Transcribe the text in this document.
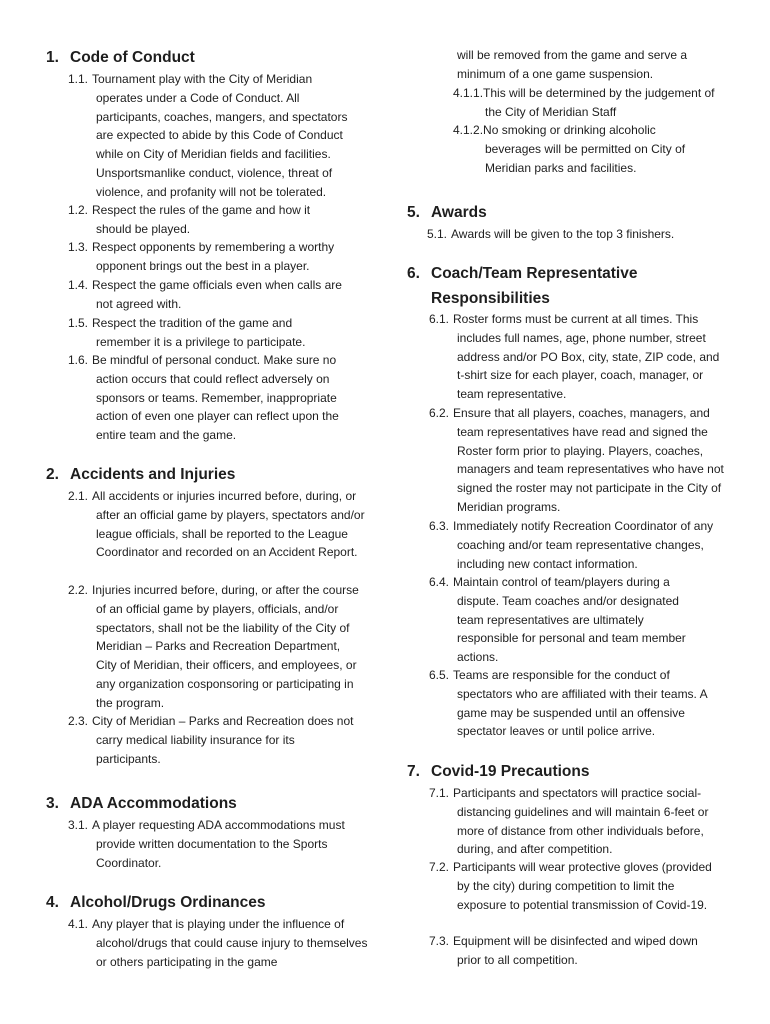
1. Code of Conduct

1.1. Tournament play with the City of Meridian operates under a Code of Conduct. All participants, coaches, mangers, and spectators are expected to abide by this Code of Conduct while on City of Meridian fields and facilities. Unsportsmanlike conduct, violence, threat of violence, and profanity will not be tolerated.

1.2. Respect the rules of the game and how it should be played.

1.3. Respect opponents by remembering a worthy opponent brings out the best in a player.

1.4. Respect the game officials even when calls are not agreed with.

1.5. Respect the tradition of the game and remember it is a privilege to participate.

1.6. Be mindful of personal conduct. Make sure no action occurs that could reflect adversely on sponsors or teams. Remember, inappropriate action of even one player can reflect upon the entire team and the game.

2. Accidents and Injuries

2.1. All accidents or injuries incurred before, during, or after an official game by players, spectators and/or league officials, shall be reported to the League Coordinator and recorded on an Accident Report.

2.2. Injuries incurred before, during, or after the course of an official game by players, officials, and/or spectators, shall not be the liability of the City of Meridian – Parks and Recreation Department, City of Meridian, their officers, and employees, or any organization cosponsoring or participating in the program.

2.3. City of Meridian – Parks and Recreation does not carry medical liability insurance for its participants.

3. ADA Accommodations

3.1. A player requesting ADA accommodations must provide written documentation to the Sports Coordinator.

4. Alcohol/Drugs Ordinances

4.1. Any player that is playing under the influence of alcohol/drugs that could cause injury to themselves or others participating in the game

will be removed from the game and serve a minimum of a one game suspension.

4.1.1.This will be determined by the judgement of the City of Meridian Staff

4.1.2.No smoking or drinking alcoholic beverages will be permitted on City of Meridian parks and facilities.

5. Awards

5.1. Awards will be given to the top 3 finishers.

6. Coach/Team Representative
Responsibilities

6.1. Roster forms must be current at all times. This includes full names, age, phone number, street address and/or PO Box, city, state, ZIP code, and t-shirt size for each player, coach, manager, or team representative.

6.2. Ensure that all players, coaches, managers, and team representatives have read and signed the Roster form prior to playing. Players, coaches, managers and team representatives who have not signed the roster may not participate in the City of Meridian programs.

6.3. Immediately notify Recreation Coordinator of any coaching and/or team representative changes, including new contact information.

6.4. Maintain control of team/players during a dispute. Team coaches and/or designated team representatives are ultimately responsible for personal and team member actions.

6.5. Teams are responsible for the conduct of spectators who are affiliated with their teams. A game may be suspended until an offensive spectator leaves or until police arrive.

7. Covid-19 Precautions

7.1. Participants and spectators will practice social-distancing guidelines and will maintain 6-feet or more of distance from other individuals before, during, and after competition.

7.2. Participants will wear protective gloves (provided by the city) during competition to limit the exposure to potential transmission of Covid-19.

7.3. Equipment will be disinfected and wiped down prior to all competition.
